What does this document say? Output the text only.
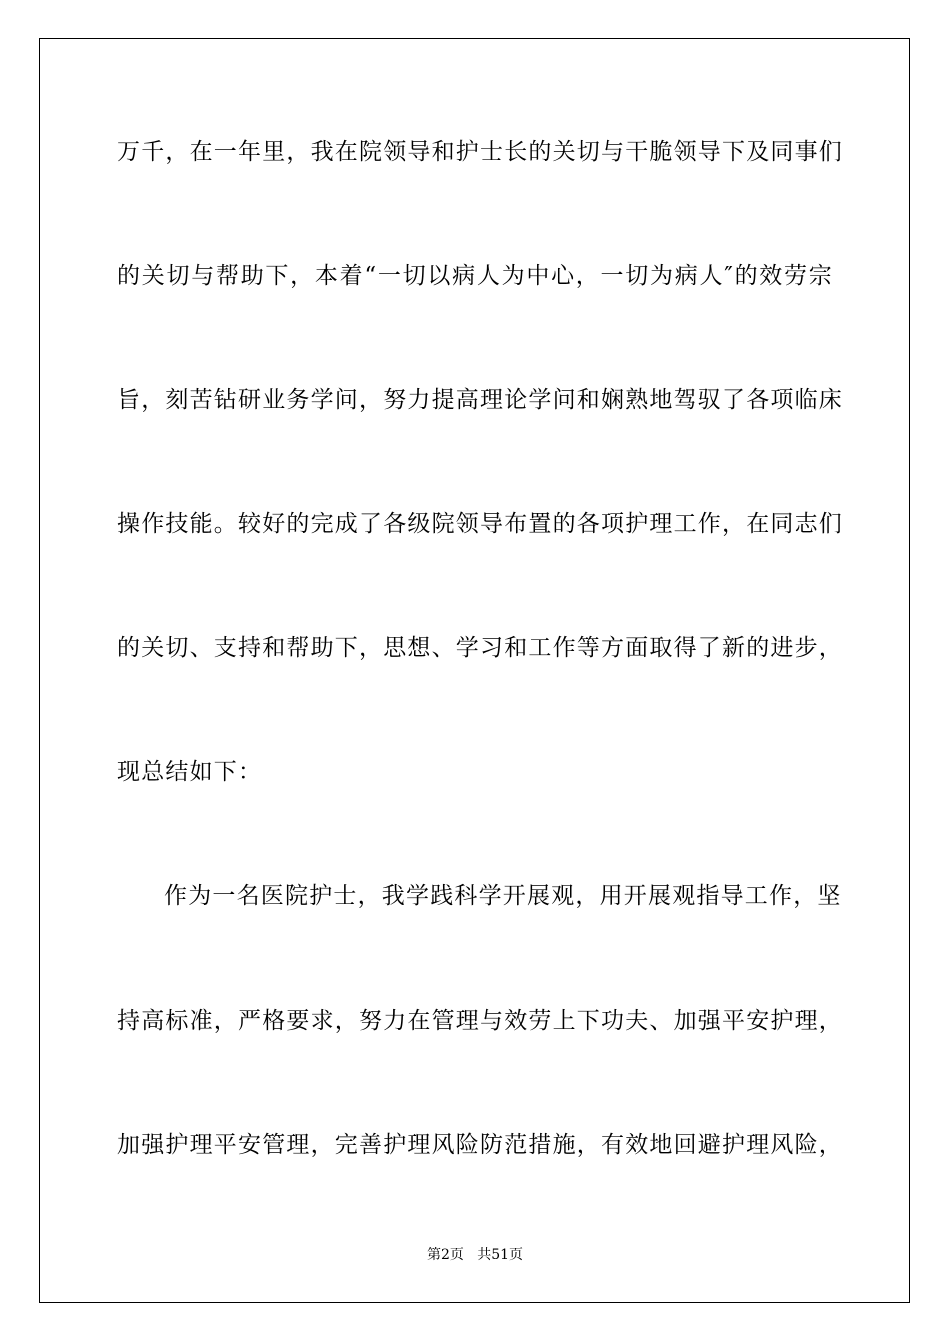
万千，在一年里，我在院领导和护士长的关切与干脆领导下及同事们
的关切与帮助下，本着“一切以病人为中心，一切为病人″的效劳宗
旨，刻苦钻研业务学问，努力提高理论学问和娴熟地驾驭了各项临床
操作技能。较好的完成了各级院领导布置的各项护理工作，在同志们
的关切、支持和帮助下，思想、学习和工作等方面取得了新的进步，
现总结如下：
作为一名医院护士，我学践科学开展观，用开展观指导工作，坚
持高标准，严格要求，努力在管理与效劳上下功夫、加强平安护理，
加强护理平安管理，完善护理风险防范措施，有效地回避护理风险，
第2页   共51页
